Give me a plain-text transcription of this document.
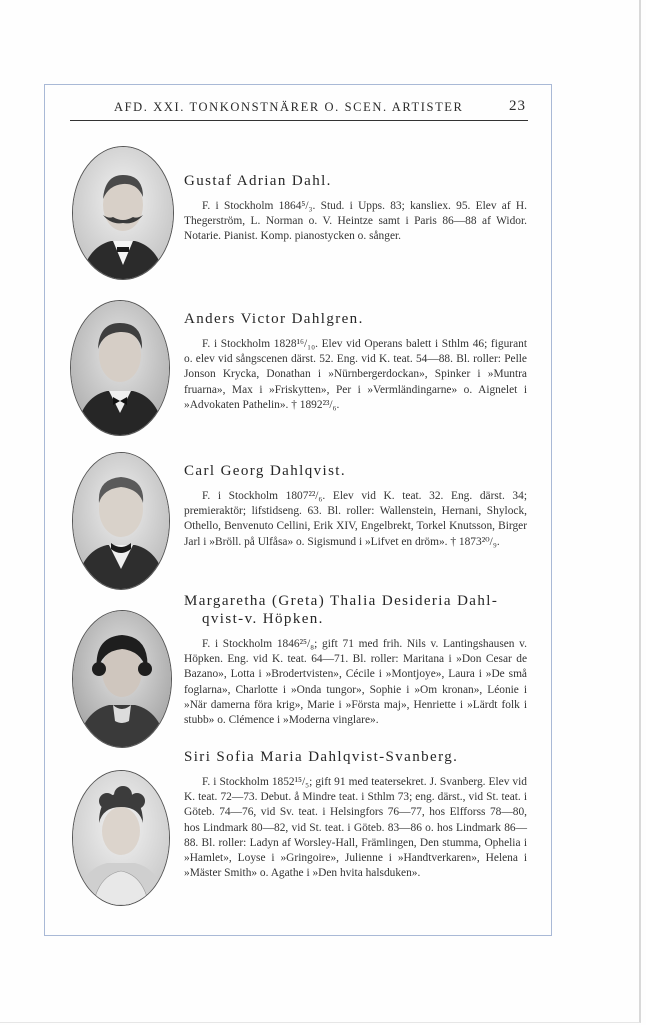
AFD. XXI. TONKONSTNÄRER O. SCEN. ARTISTER	23
Gustaf Adrian Dahl.

F. i Stockholm 1864⁵/₃. Stud. i Upps. 83; kansliex. 95. Elev af H. Thegerström, L. Norman o. V. Heintze samt i Paris 86—88 af Widor. Notarie. Pianist. Komp. pianostycken o. sånger.

Anders Victor Dahlgren.

F. i Stockholm 1828¹⁶/₁₀. Elev vid Operans balett i Sthlm 46; figurant o. elev vid sångscenen därst. 52. Eng. vid K. teat. 54—88. Bl. roller: Pelle Jonson Krycka, Donathan i »Nürnbergerdockan», Spinker i »Muntra fruarna», Max i »Friskytten», Per i »Vermländingarne» o. Aignelet i »Advokaten Pathelin». † 1892²³/₆.

Carl Georg Dahlqvist.

F. i Stockholm 1807²²/₆. Elev vid K. teat. 32. Eng. därst. 34; premieraktör; lifstidseng. 63. Bl. roller: Wallenstein, Hernani, Shylock, Othello, Benvenuto Cellini, Erik XIV, Engelbrekt, Torkel Knutsson, Birger Jarl i »Bröll. på Ulfåsa» o. Sigismund i »Lifvet en dröm». † 1873²⁰/₉.

Margaretha (Greta) Thalia Desideria Dahl-
qvist-v. Höpken.

F. i Stockholm 1846²⁵/₈; gift 71 med frih. Nils v. Lantingshausen v. Höpken. Eng. vid K. teat. 64—71. Bl. roller: Maritana i »Don Cesar de Bazano», Lotta i »Brodertvisten», Cécile i »Montjoye», Laura i »De små foglarna», Charlotte i »Onda tungor», Sophie i »Om kronan», Léonie i »När damerna föra krig», Marie i »Första maj», Henriette i »Lärdt folk i stubb» o. Clémence i »Moderna vinglare».

Siri Sofia Maria Dahlqvist-Svanberg.

F. i Stockholm 1852¹⁵/₅; gift 91 med teatersekret. J. Svanberg. Elev vid K. teat. 72—73. Debut. å Mindre teat. i Sthlm 73; eng. därst., vid St. teat. i Göteb. 74—76, vid Sv. teat. i Helsingfors 76—77, hos Elfforss 78—80, hos Lindmark 80—82, vid St. teat. i Göteb. 83—86 o. hos Lindmark 86—88. Bl. roller: Ladyn af Worsley-Hall, Främlingen, Den stumma, Ophelia i »Hamlet», Loyse i »Gringoire», Julienne i »Handtverkaren», Helena i »Mäster Smith» o. Agathe i »Den hvita halsduken».
